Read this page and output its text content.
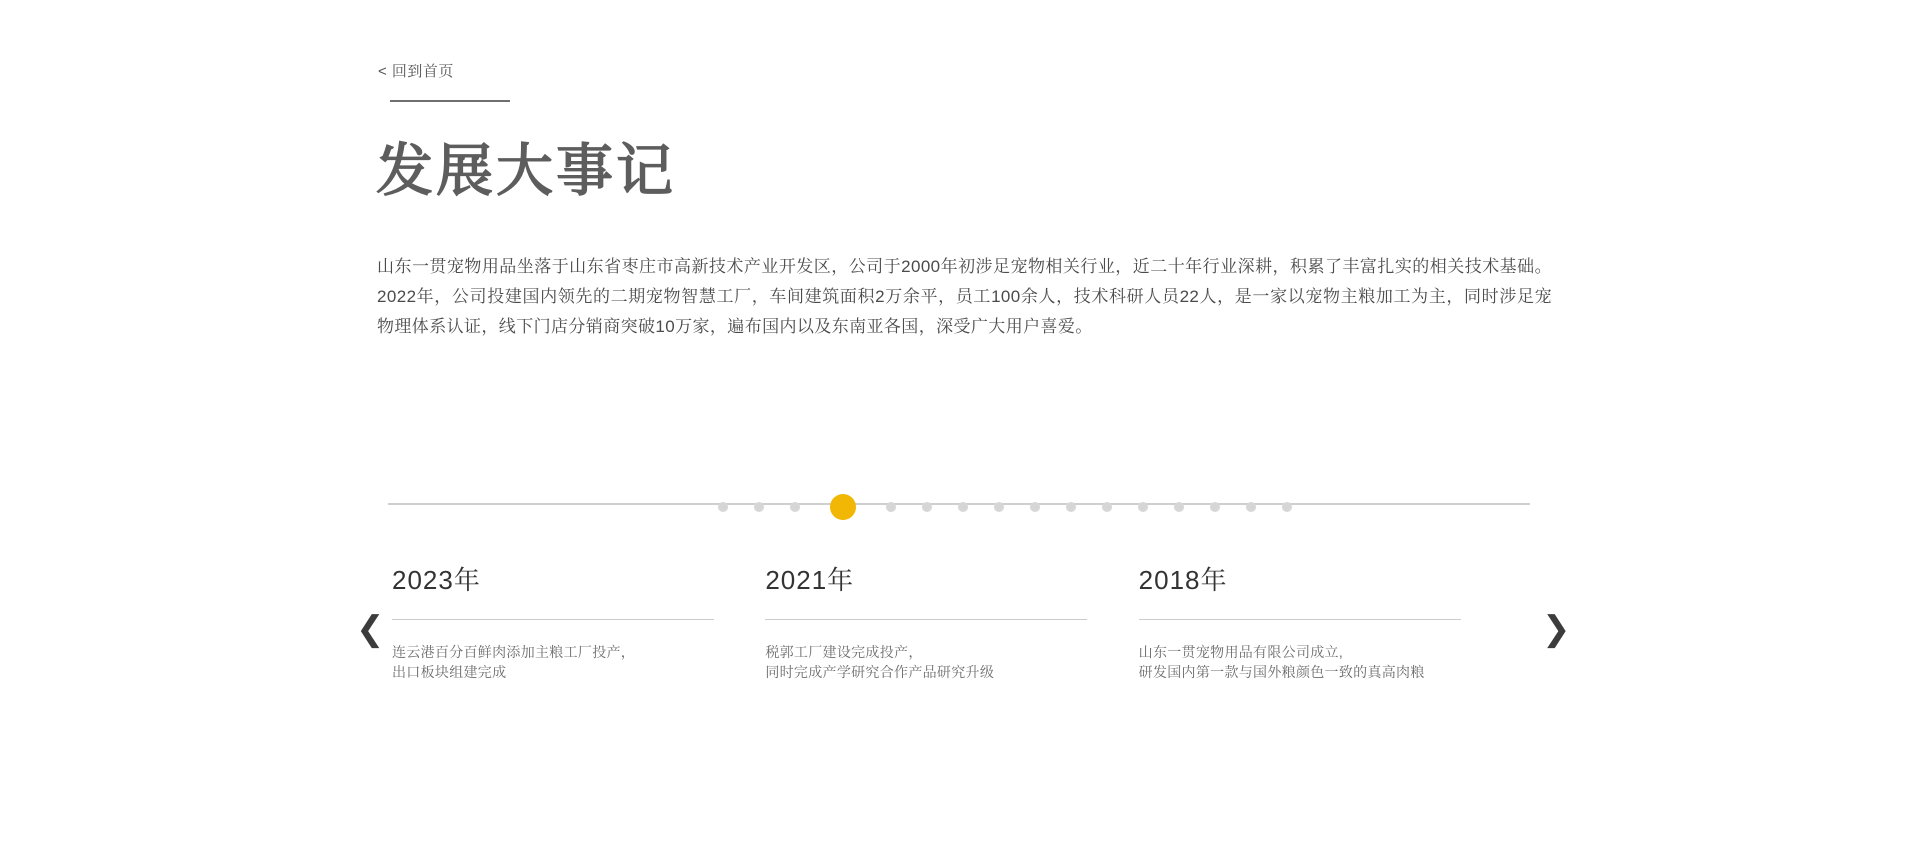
< 回到首页
发展大事记

山东一贯宠物用品坐落于山东省枣庄市高新技术产业开发区，公司于2000年初涉足宠物相关行业，近二十年行业深耕，积累了丰富扎实的相关技术基础。2022年，公司投建国内领先的二期宠物智慧工厂，车间建筑面积2万余平，员工100余人，技术科研人员22人，是一家以宠物主粮加工为主，同时涉足宠物理体系认证，线下门店分销商突破10万家，遍布国内以及东南亚各国，深受广大用户喜爱。

2023年
连云港百分百鲜肉添加主粮工厂投产，
出口板块组建完成
2021年
税郭工厂建设完成投产，
同时完成产学研究合作产品研究升级
2018年
山东一贯宠物用品有限公司成立,
研发国内第一款与国外粮颜色一致的真高肉粮
❮	❯
